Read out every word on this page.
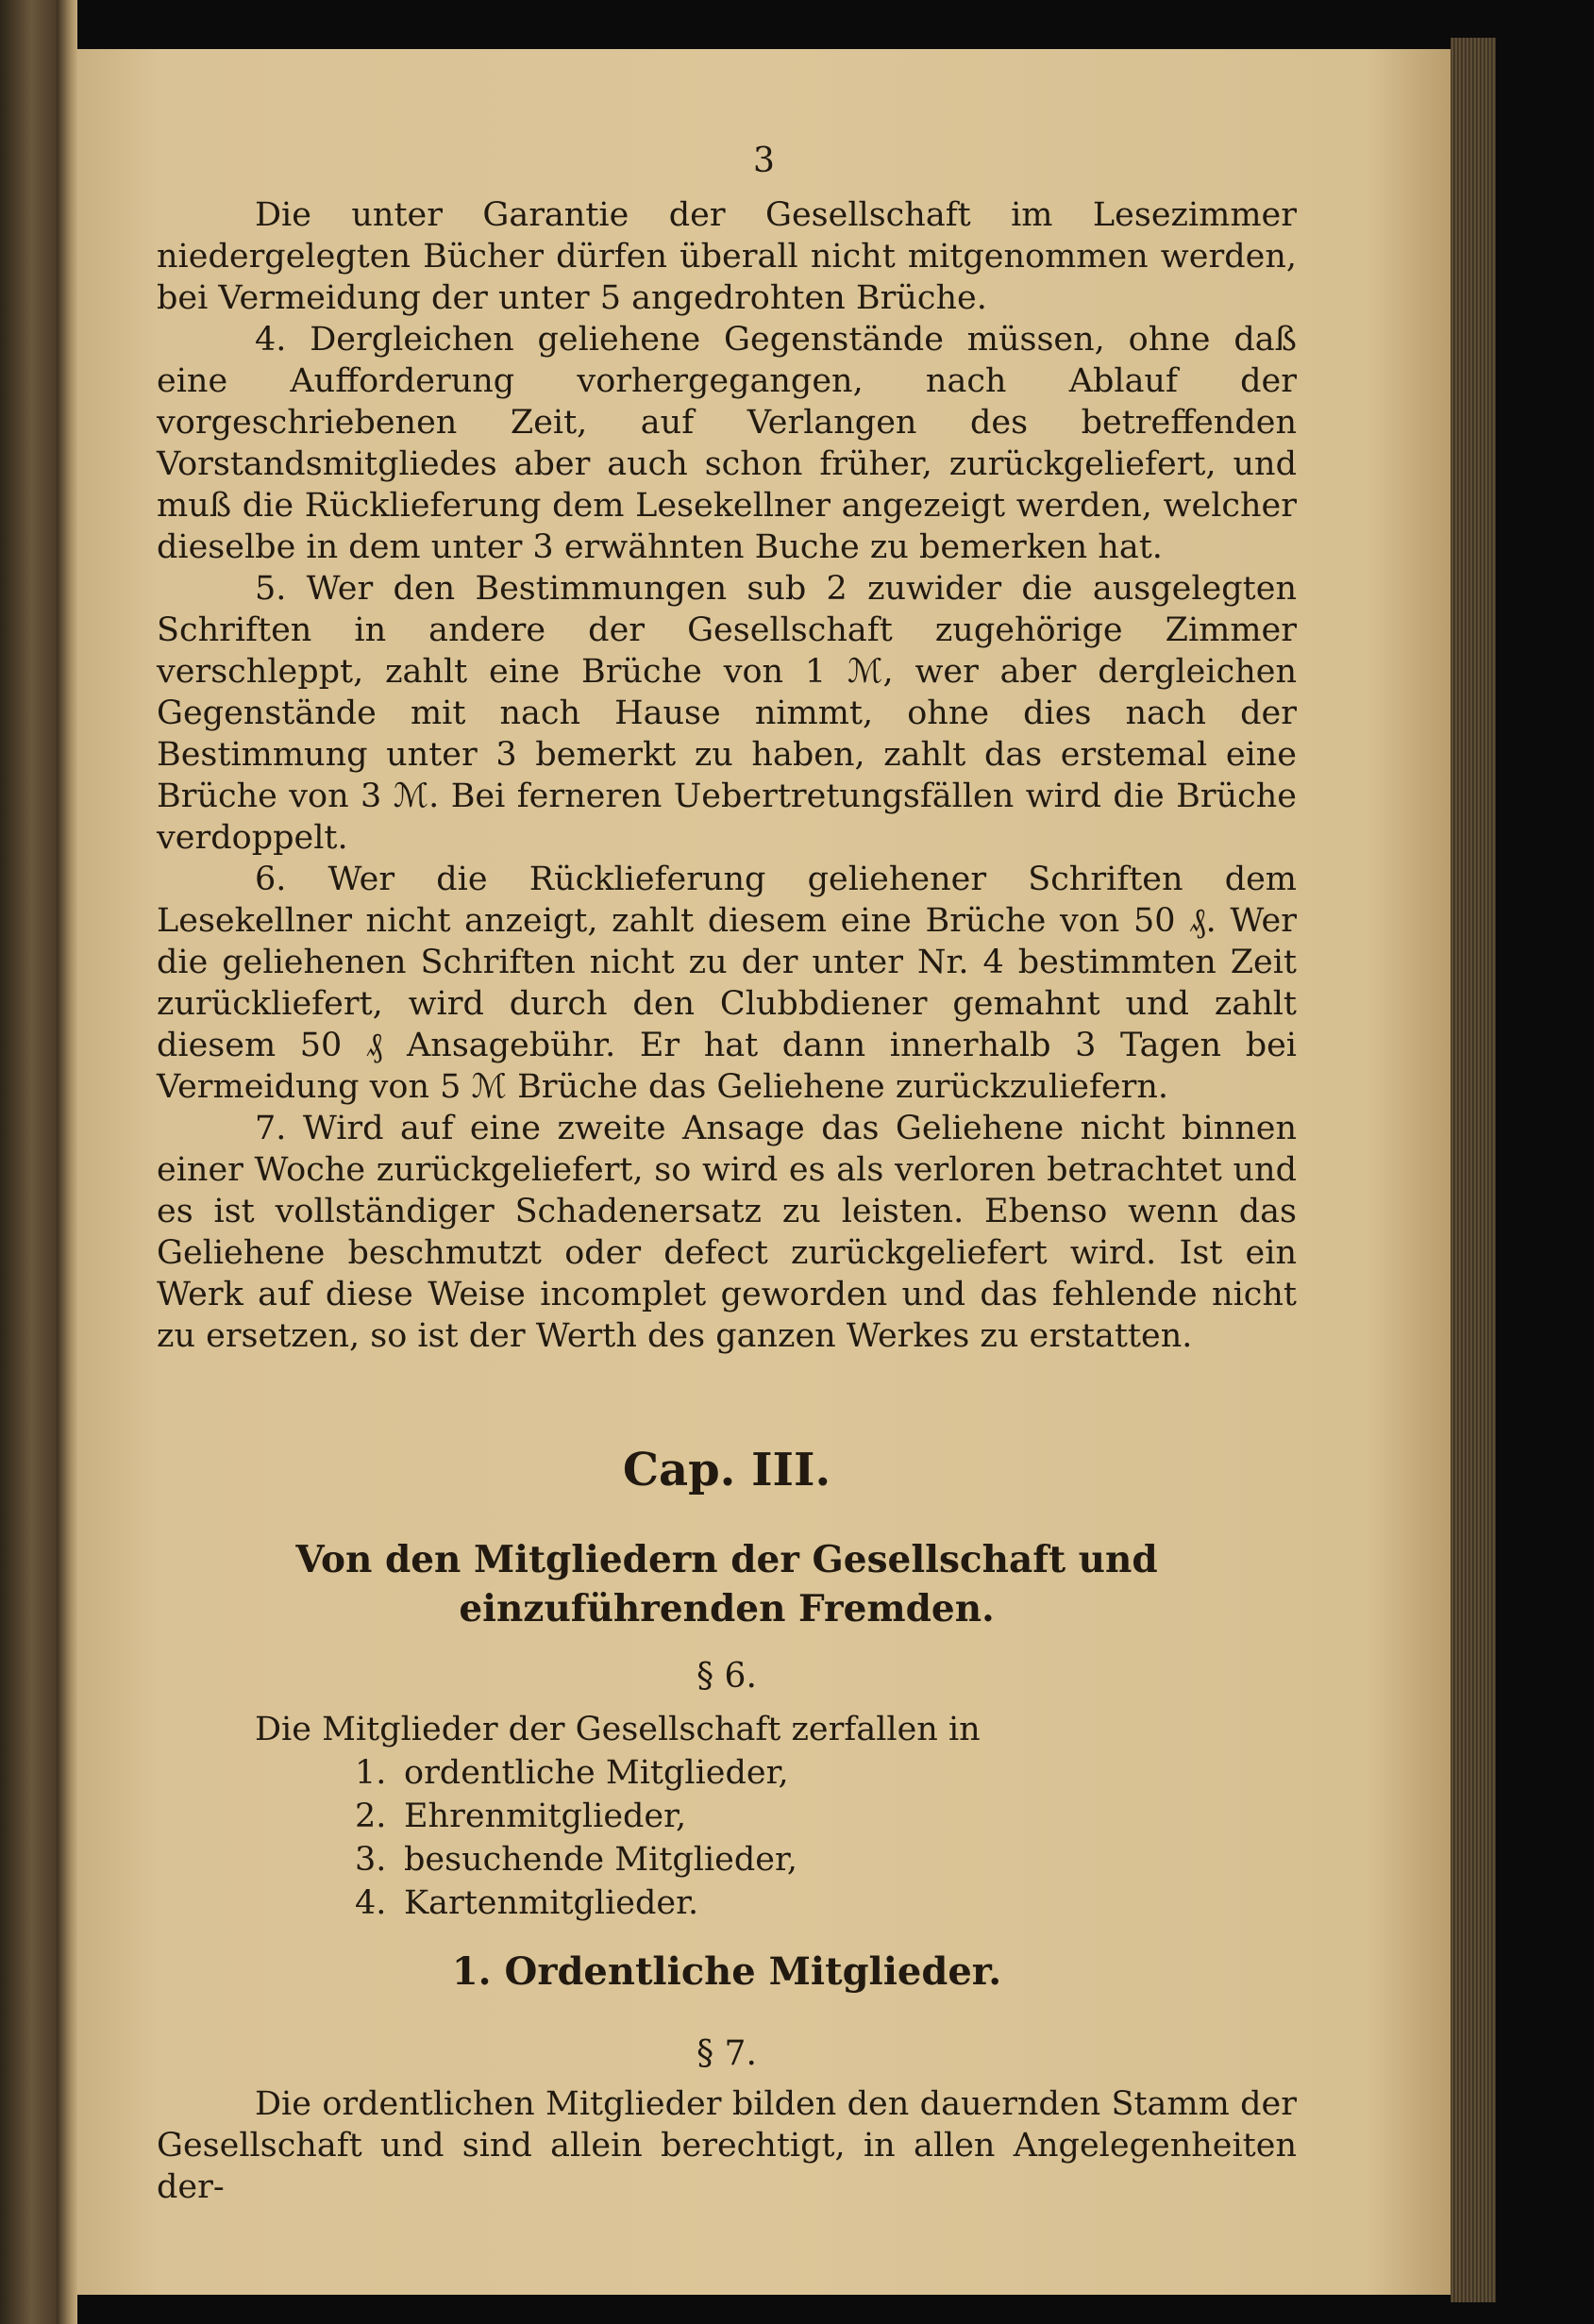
3

Die unter Garantie der Gesellschaft im Lesezimmer niedergelegten Bücher dürfen überall nicht mitgenommen werden, bei Vermeidung der unter 5 angedrohten Brüche.

4. Dergleichen geliehene Gegenstände müssen, ohne daß eine Aufforderung vorhergegangen, nach Ablauf der vorgeschriebenen Zeit, auf Verlangen des betreffenden Vorstandsmitgliedes aber auch schon früher, zurückgeliefert, und muß die Rücklieferung dem Lesekellner angezeigt werden, welcher dieselbe in dem unter 3 erwähnten Buche zu bemerken hat.

5. Wer den Bestimmungen sub 2 zuwider die ausgelegten Schriften in andere der Gesellschaft zugehörige Zimmer verschleppt, zahlt eine Brüche von 1 ℳ, wer aber dergleichen Gegenstände mit nach Hause nimmt, ohne dies nach der Bestimmung unter 3 bemerkt zu haben, zahlt das erstemal eine Brüche von 3 ℳ. Bei ferneren Uebertretungsfällen wird die Brüche verdoppelt.

6. Wer die Rücklieferung geliehener Schriften dem Lesekellner nicht anzeigt, zahlt diesem eine Brüche von 50 ₰. Wer die geliehenen Schriften nicht zu der unter Nr. 4 bestimmten Zeit zurückliefert, wird durch den Clubbdiener gemahnt und zahlt diesem 50 ₰ Ansagebühr. Er hat dann innerhalb 3 Tagen bei Vermeidung von 5 ℳ Brüche das Geliehene zurückzuliefern.

7. Wird auf eine zweite Ansage das Geliehene nicht binnen einer Woche zurückgeliefert, so wird es als verloren betrachtet und es ist vollständiger Schadenersatz zu leisten. Ebenso wenn das Geliehene beschmutzt oder defect zurückgeliefert wird. Ist ein Werk auf diese Weise incomplet geworden und das fehlende nicht zu ersetzen, so ist der Werth des ganzen Werkes zu erstatten.

Cap. III.
Von den Mitgliedern der Gesellschaft und einzuführenden Fremden.
§ 6.

Die Mitglieder der Gesellschaft zerfallen in

1. ordentliche Mitglieder,
2. Ehrenmitglieder,
3. besuchende Mitglieder,
4. Kartenmitglieder.
1. Ordentliche Mitglieder.
§ 7.

Die ordentlichen Mitglieder bilden den dauernden Stamm der Gesellschaft und sind allein berechtigt, in allen Angelegenheiten der-
